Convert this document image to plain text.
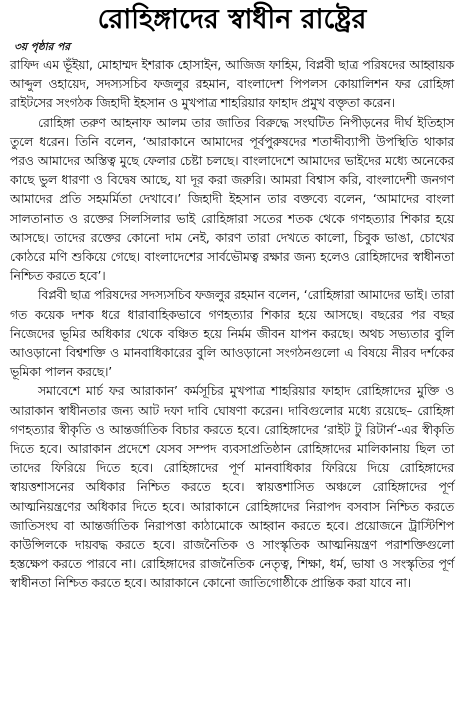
রোহিঙ্গাদের স্বাধীন রাষ্ট্রের
৩য় পৃষ্ঠার পর

রাফিদ এম ভূঁইয়া, মোহাম্মদ ইশরাক হোসাইন, আজিজ ফাহিম, বিপ্লবী ছাত্র পরিষদের আহ্বায়ক আব্দুল ওহায়েদ, সদস্যসচিব ফজলুর রহমান, বাংলাদেশ পিপলস কোয়ালিশন ফর রোহিঙ্গা রাইটসের সংগঠক জিহাদী ইহসান ও মুখপাত্র শাহরিয়ার ফাহাদ প্রমুখ বক্তৃতা করেন।

রোহিঙ্গা তরুণ আহনাফ আলম তার জাতির বিরুদ্ধে সংঘটিত নিপীড়নের দীর্ঘ ইতিহাস তুলে ধরেন। তিনি বলেন, ‘আরাকানে আমাদের পূর্বপুরুষদের শতাব্দীব্যাপী উপস্থিতি থাকার পরও আমাদের অস্তিত্ব মুছে ফেলার চেষ্টা চলছে। বাংলাদেশে আমাদের ভাইদের মধ্যে অনেকের কাছে ভুল ধারণা ও বিদ্বেষ আছে, যা দূর করা জরুরি। আমরা বিশ্বাস করি, বাংলাদেশী জনগণ আমাদের প্রতি সহমর্মিতা দেখাবে।’ জিহাদী ইহসান তার বক্তব্যে বলেন, ‘আমাদের বাংলা সালতানাত ও রক্তের সিলসিলার ভাই রোহিঙ্গারা সতের শতক থেকে গণহত্যার শিকার হয়ে আসছে। তাদের রক্তের কোনো দাম নেই, কারণ তারা দেখতে কালো, চিবুক ভাঙা, চোখের কোঠরে মণি শুকিয়ে গেছে। বাংলাদেশের সার্বভৌমত্ব রক্ষার জন্য হলেও রোহিঙ্গাদের স্বাধীনতা নিশ্চিত করতে হবে’।

বিপ্লবী ছাত্র পরিষদের সদস্যসচিব ফজলুর রহমান বলেন, ‘রোহিঙ্গারা আমাদের ভাই। তারা গত কয়েক দশক ধরে ধারাবাহিকভাবে গণহত্যার শিকার হয়ে আসছে। বছরের পর বছর নিজেদের ভূমির অধিকার থেকে বঞ্চিত হয়ে নির্মম জীবন যাপন করছে। অথচ সভ্যতার বুলি আওড়ানো বিশ্বশক্তি ও মানবাধিকারের বুলি আওড়ানো সংগঠনগুলো এ বিষয়ে নীরব দর্শকের ভূমিকা পালন করছে।’

সমাবেশে মার্চ ফর আরাকান’ কর্মসূচির মুখপাত্র শাহরিয়ার ফাহাদ রোহিঙ্গাদের মুক্তি ও আরাকান স্বাধীনতার জন্য আট দফা দাবি ঘোষণা করেন। দাবিগুলোর মধ্যে রয়েছে– রোহিঙ্গা গণহত্যার স্বীকৃতি ও আন্তর্জাতিক বিচার করতে হবে। রোহিঙ্গাদের ‘রাইট টু রিটার্ন’-এর স্বীকৃতি দিতে হবে। আরাকান প্রদেশে যেসব সম্পদ ব্যবসাপ্রতিষ্ঠান রোহিঙ্গাদের মালিকানায় ছিল তা তাদের ফিরিয়ে দিতে হবে। রোহিঙ্গাদের পূর্ণ মানবাধিকার ফিরিয়ে দিয়ে রোহিঙ্গাদের স্বায়ত্তশাসনের অধিকার নিশ্চিত করতে হবে। স্বায়ত্তশাসিত অঞ্চলে রোহিঙ্গাদের পূর্ণ আত্মনিয়ন্ত্রণের অধিকার দিতে হবে। আরাকানে রোহিঙ্গাদের নিরাপদ বসবাস নিশ্চিত করতে জাতিসংঘ বা আন্তর্জাতিক নিরাপত্তা কাঠামোকে আহ্বান করতে হবে। প্রয়োজনে ট্রাস্টিশিপ কাউন্সিলকে দায়বদ্ধ করতে হবে। রাজনৈতিক ও সাংস্কৃতিক আত্মনিয়ন্ত্রণ পরাশক্তিগুলো হস্তক্ষেপ করতে পারবে না। রোহিঙ্গাদের রাজনৈতিক নেতৃত্ব, শিক্ষা, ধর্ম, ভাষা ও সংস্কৃতির পূর্ণ স্বাধীনতা নিশ্চিত করতে হবে। আরাকানে কোনো জাতিগোষ্ঠীকে প্রান্তিক করা যাবে না।
